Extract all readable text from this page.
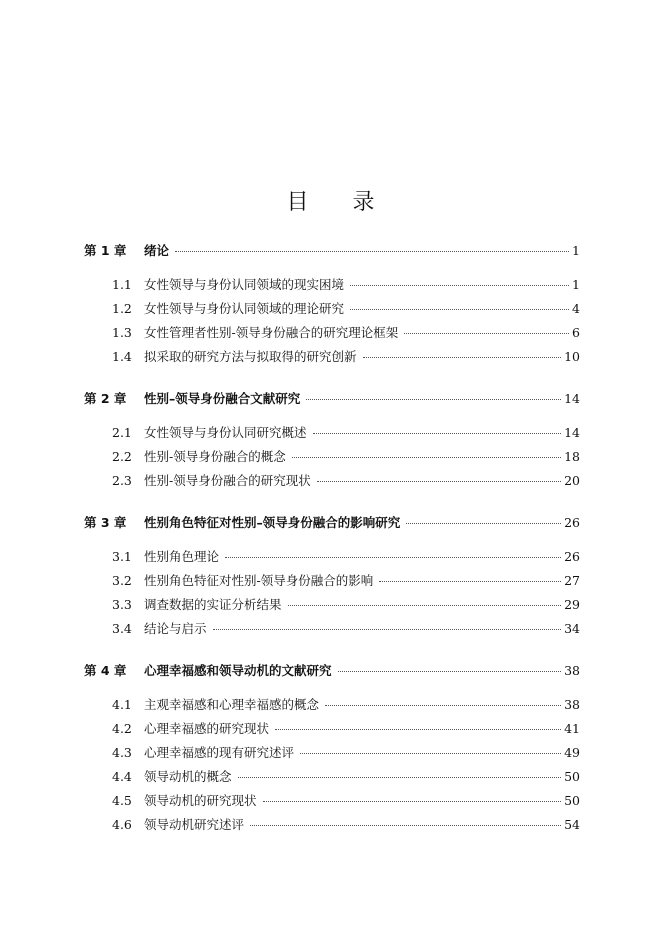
目 录
第 1 章	绪论	1
1.1 女性领导与身份认同领域的现实困境	1
1.2 女性领导与身份认同领域的理论研究	4
1.3 女性管理者性别-领导身份融合的研究理论框架	6
1.4 拟采取的研究方法与拟取得的研究创新	10
第 2 章	性别–领导身份融合文献研究	14
2.1 女性领导与身份认同研究概述	14
2.2 性别-领导身份融合的概念	18
2.3 性别-领导身份融合的研究现状	20
第 3 章	性别角色特征对性别–领导身份融合的影响研究	26
3.1 性别角色理论	26
3.2 性别角色特征对性别-领导身份融合的影响	27
3.3 调查数据的实证分析结果	29
3.4 结论与启示	34
第 4 章	心理幸福感和领导动机的文献研究	38
4.1 主观幸福感和心理幸福感的概念	38
4.2 心理幸福感的研究现状	41
4.3 心理幸福感的现有研究述评	49
4.4 领导动机的概念	50
4.5 领导动机的研究现状	50
4.6 领导动机研究述评	54
